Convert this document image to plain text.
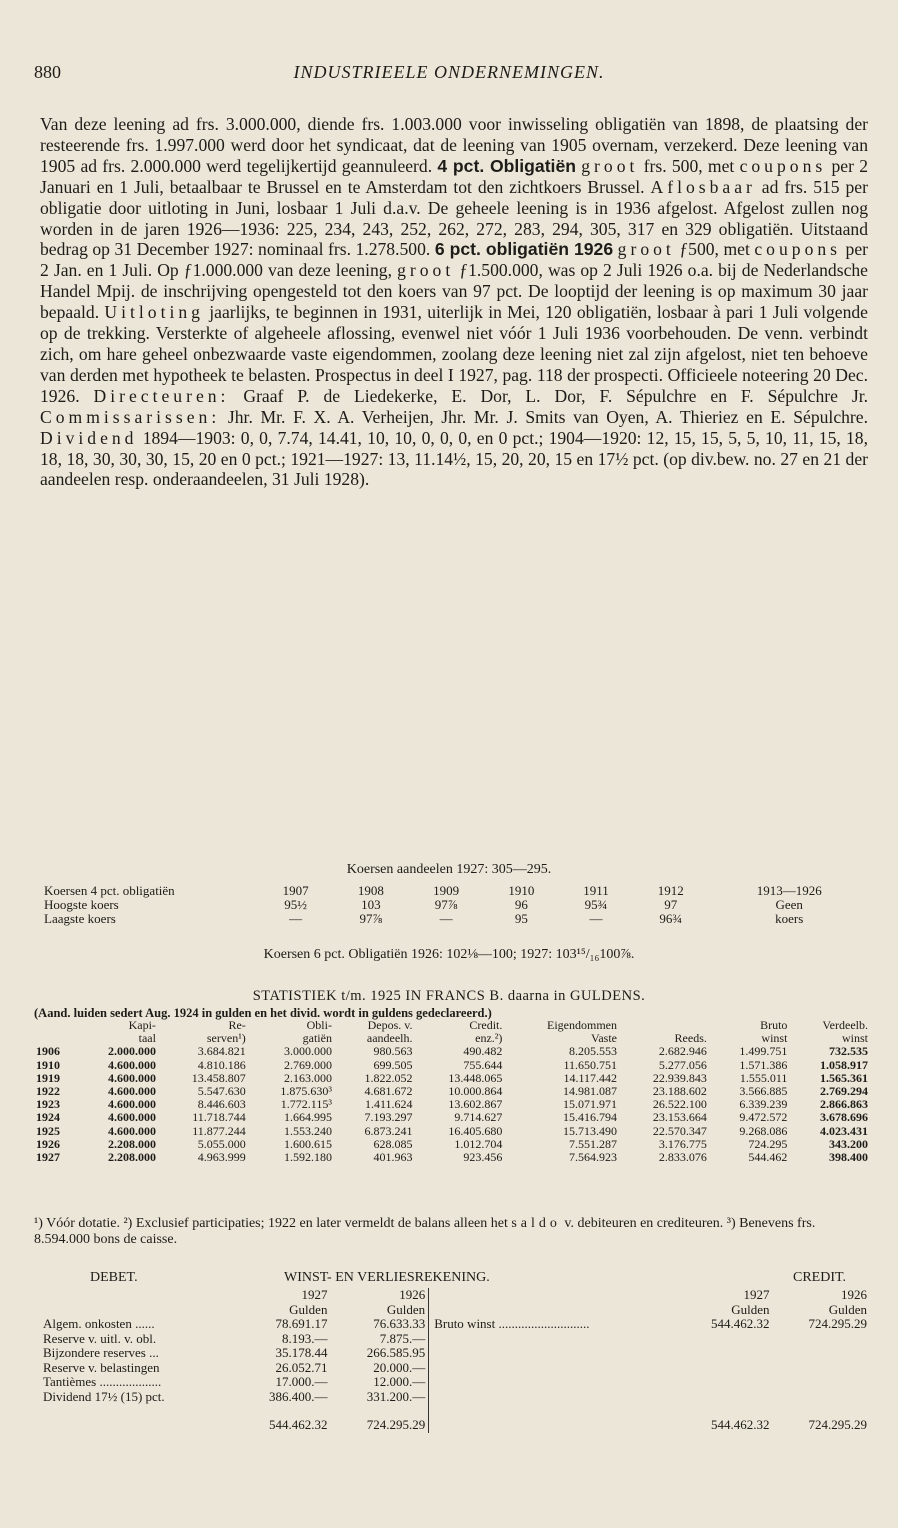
880	INDUSTRIEELE ONDERNEMINGEN.

Van deze leening ad frs. 3.000.000, diende frs. 1.003.000 voor inwisseling obligatiën van 1898, de plaatsing der resteerende frs. 1.997.000 werd door het syndicaat, dat de leening van 1905 overnam, verzekerd. Deze leening van 1905 ad frs. 2.000.000 werd tegelijkertijd geannuleerd. 4 pct. Obligatiën groot frs. 500, met coupons per 2 Januari en 1 Juli, betaalbaar te Brussel en te Amsterdam tot den zichtkoers Brussel. Aflosbaar ad frs. 515 per obligatie door uitloting in Juni, losbaar 1 Juli d.a.v. De geheele leening is in 1936 afgelost. Afgelost zullen nog worden in de jaren 1926—1936: 225, 234, 243, 252, 262, 272, 283, 294, 305, 317 en 329 obligatiën. Uitstaand bedrag op 31 December 1927: nominaal frs. 1.278.500. 6 pct. obligatiën 1926 groot ƒ500, met coupons per 2 Jan. en 1 Juli. Op ƒ1.000.000 van deze leening, groot ƒ1.500.000, was op 2 Juli 1926 o.a. bij de Nederlandsche Handel Mpij. de inschrijving opengesteld tot den koers van 97 pct. De looptijd der leening is op maximum 30 jaar bepaald. Uitloting jaarlijks, te beginnen in 1931, uiterlijk in Mei, 120 obligatiën, losbaar à pari 1 Juli volgende op de trekking. Versterkte of algeheele aflossing, evenwel niet vóór 1 Juli 1936 voorbehouden. De venn. verbindt zich, om hare geheel onbezwaarde vaste eigendommen, zoolang deze leening niet zal zijn afgelost, niet ten behoeve van derden met hypotheek te belasten. Prospectus in deel I 1927, pag. 118 der prospecti. Officieele noteering 20 Dec. 1926. Directeuren: Graaf P. de Liedekerke, E. Dor, L. Dor, F. Sépulchre en F. Sépulchre Jr. Commissarissen: Jhr. Mr. F. X. A. Verheijen, Jhr. Mr. J. Smits van Oyen, A. Thieriez en E. Sépulchre. Dividend 1894—1903: 0, 0, 7.74, 14.41, 10, 10, 0, 0, 0, en 0 pct.; 1904—1920: 12, 15, 15, 5, 5, 10, 11, 15, 18, 18, 18, 30, 30, 30, 15, 20 en 0 pct.; 1921—1927: 13, 11.14½, 15, 20, 20, 15 en 17½ pct. (op div.bew. no. 27 en 21 der aandeelen resp. onderaandeelen, 31 Juli 1928).

Koersen aandeelen 1927: 305—295.
Koersen 4 pct. obligatiën	1907	1908	1909	1910	1911	1912	1913—1926
Hoogste koers	95½	103	97⅞	96	95¾	97	Geen
Laagste koers	—	97⅞	—	95	—	96¾	koers
Koersen 6 pct. Obligatiën 1926: 102⅛—100; 1927: 103¹⁵/₁₆100⅞.
STATISTIEK t/m. 1925 IN FRANCS B. daarna in GULDENS.
(Aand. luiden sedert Aug. 1924 in gulden en het divid. wordt in guldens gedeclareerd.)
	Kapi-	Re-	Obli-	Depos. v.	Credit.	Eigendommen		Bruto	Verdeelb.
	taal	serven¹)	gatiën	aandeelh.	enz.²)	Vaste	Reeds.	winst	winst
1906	2.000.000	3.684.821	3.000.000	980.563	490.482	8.205.553	2.682.946	1.499.751	732.535
1910	4.600.000	4.810.186	2.769.000	699.505	755.644	11.650.751	5.277.056	1.571.386	1.058.917
1919	4.600.000	13.458.807	2.163.000	1.822.052	13.448.065	14.117.442	22.939.843	1.555.011	1.565.361
1922	4.600.000	5.547.630	1.875.630³	4.681.672	10.000.864	14.981.087	23.188.602	3.566.885	2.769.294
1923	4.600.000	8.446.603	1.772.115³	1.411.624	13.602.867	15.071.971	26.522.100	6.339.239	2.866.863
1924	4.600.000	11.718.744	1.664.995	7.193.297	9.714.627	15.416.794	23.153.664	9.472.572	3.678.696
1925	4.600.000	11.877.244	1.553.240	6.873.241	16.405.680	15.713.490	22.570.347	9.268.086	4.023.431
1926	2.208.000	5.055.000	1.600.615	628.085	1.012.704	7.551.287	3.176.775	724.295	343.200
1927	2.208.000	4.963.999	1.592.180	401.963	923.456	7.564.923	2.833.076	544.462	398.400
¹) Vóór dotatie. ²) Exclusief participaties; 1922 en later vermeldt de balans alleen het saldo v. debiteuren en crediteuren. ³) Benevens frs. 8.594.000 bons de caisse.
DEBET.	WINST- EN VERLIESREKENING.	CREDIT.
	1927	1926			1927	1926
	Gulden	Gulden			Gulden	Gulden
Algem. onkosten ......	78.691.17	76.633.33		Bruto winst ............................	544.462.32	724.295.29
Reserve v. uitl. v. obl.	8.193.—	7.875.—				
Bijzondere reserves ...	35.178.44	266.585.95				
Reserve v. belastingen	26.052.71	20.000.—				
Tantièmes ...................	17.000.—	12.000.—				
Dividend 17½ (15) pct.	386.400.—	331.200.—				
	544.462.32	724.295.29			544.462.32	724.295.29
